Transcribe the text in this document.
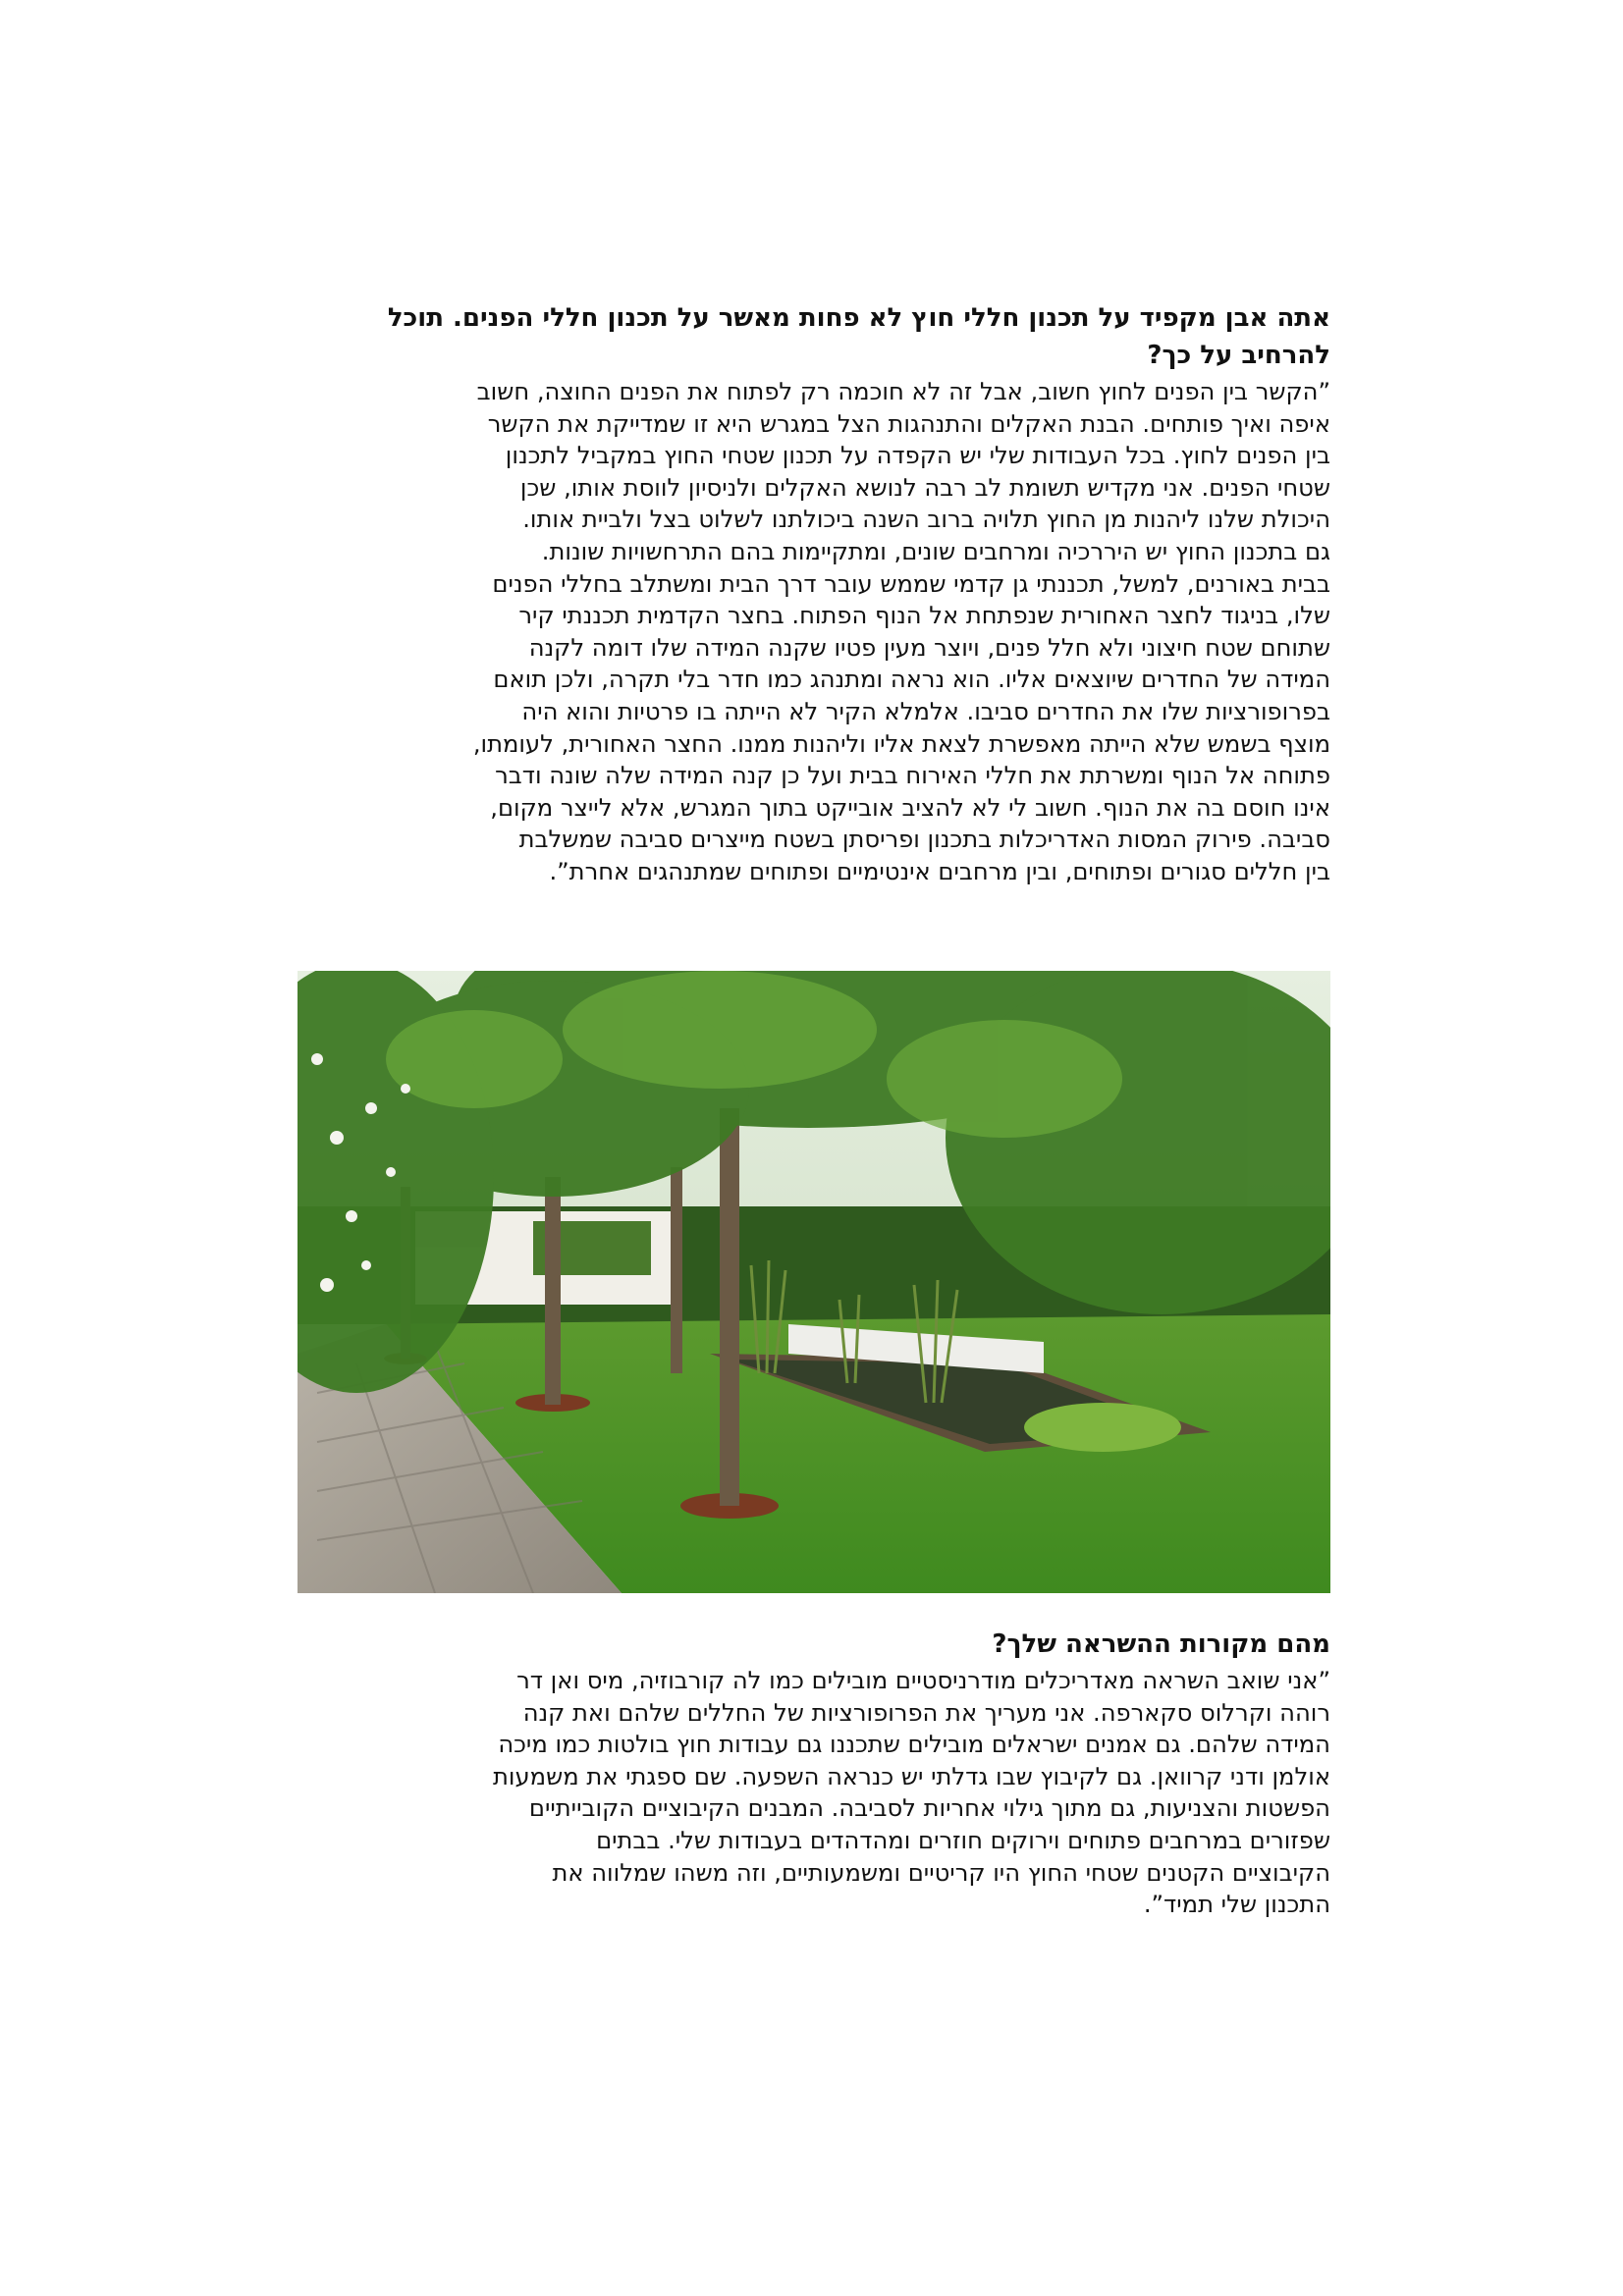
אתה אבן מקפיד על תכנון חללי חוץ לא פחות מאשר על תכנון חללי הפנים. תוכל להרחיב על כך?

”הקשר בין הפנים לחוץ חשוב, אבל זה לא חוכמה רק לפתוח את הפנים החוצה, חשוב
איפה ואיך פותחים. הבנת האקלים והתנהגות הצל במגרש היא זו שמדייקת את הקשר
בין הפנים לחוץ. בכל העבודות שלי יש הקפדה על תכנון שטחי החוץ במקביל לתכנון
שטחי הפנים. אני מקדיש תשומת לב רבה לנושא האקלים ולניסיון לווסת אותו, שכן
היכולת שלנו ליהנות מן החוץ תלויה ברוב השנה ביכולתנו לשלוט בצל ולביית אותו.
גם בתכנון החוץ יש היררכיה ומרחבים שונים, ומתקיימות בהם התרחשויות שונות.
בבית באורנים, למשל, תכננתי גן קדמי שממש עובר דרך הבית ומשתלב בחללי הפנים
שלו, בניגוד לחצר האחורית שנפתחת אל הנוף הפתוח. בחצר הקדמית תכננתי קיר
שתוחם שטח חיצוני ולא חלל פנים, ויוצר מעין פטיו שקנה המידה שלו דומה לקנה
המידה של החדרים שיוצאים אליו. הוא נראה ומתנהג כמו חדר בלי תקרה, ולכן תואם
בפרופורציות שלו את החדרים סביבו. אלמלא הקיר לא הייתה בו פרטיות והוא היה
מוצף בשמש שלא הייתה מאפשרת לצאת אליו וליהנות ממנו. החצר האחורית, לעומתו,
פתוחה אל הנוף ומשרתת את חללי האירוח בבית ועל כן קנה המידה שלה שונה ודבר
אינו חוסם בה את הנוף. חשוב לי לא להציב אובייקט בתוך המגרש, אלא לייצר מקום,
סביבה. פירוק המסות האדריכלות בתכנון ופריסתן בשטח מייצרים סביבה שמשלבת
בין חללים סגורים ופתוחים, ובין מרחבים אינטימיים ופתוחים שמתנהגים אחרת”.

מהם מקורות ההשראה שלך?

”אני שואב השראה מאדריכלים מודרניסטיים מובילים כמו לה קורבוזיה, מיס ואן דר
רוהה וקרלוס סקארפה. אני מעריך את הפרופורציות של החללים שלהם ואת קנה
המידה שלהם. גם אמנים ישראלים מובילים שתכננו גם עבודות חוץ בולטות כמו מיכה
אולמן ודני קרוואן. גם לקיבוץ שבו גדלתי יש כנראה השפעה. שם ספגתי את משמעות
הפשטות והצניעות, גם מתוך גילוי אחריות לסביבה. המבנים הקיבוציים הקובייתיים
שפזורים במרחבים פתוחים וירוקים חוזרים ומהדהדים בעבודות שלי. בבתים
הקיבוציים הקטנים שטחי החוץ היו קריטיים ומשמעותיים, וזה משהו שמלווה את
התכנון שלי תמיד”.
